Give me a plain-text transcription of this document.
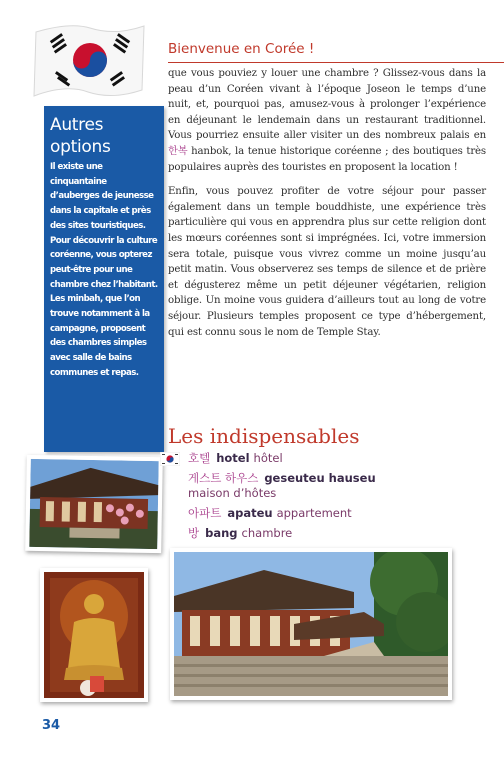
Autres
options

Il existe une cinquantaine d’auberges de jeunesse dans la capitale et près des sites touristiques. Pour découvrir la culture coréenne, vous opterez peut-être pour une chambre chez l’habitant. Les minbah, que l’on trouve notamment à la campagne, proposent des chambres simples avec salle de bains communes et repas.

Bienvenue en Corée !

que vous pouviez y louer une chambre ? Glissez-vous dans la peau d’un Coréen vivant à l’époque Joseon le temps d’une nuit, et, pourquoi pas, amusez-vous à prolonger l’expérience en déjeunant le lendemain dans un restaurant traditionnel. Vous pourriez ensuite aller visiter un des nombreux palais en 한복 hanbok, la tenue historique coréenne ; des boutiques très populaires auprès des touristes en proposent la location !

Enfin, vous pouvez profiter de votre séjour pour passer également dans un temple bouddhiste, une expérience très particulière qui vous en apprendra plus sur cette religion dont les mœurs coréennes sont si imprégnées. Ici, votre immersion sera totale, puisque vous vivrez comme un moine jusqu’au petit matin. Vous observerez ses temps de silence et de prière et dégusterez même un petit déjeuner végétarien, religion oblige. Un moine vous guidera d’ailleurs tout au long de votre séjour. Plusieurs temples proposent ce type d’hébergement, qui est connu sous le nom de Temple Stay.

Les indispensables
호텔 hotel hôtel
게스트 하우스 geseuteu hauseu
maison d’hôtes
아파트 apateu appartement
방 bang chambre
34
